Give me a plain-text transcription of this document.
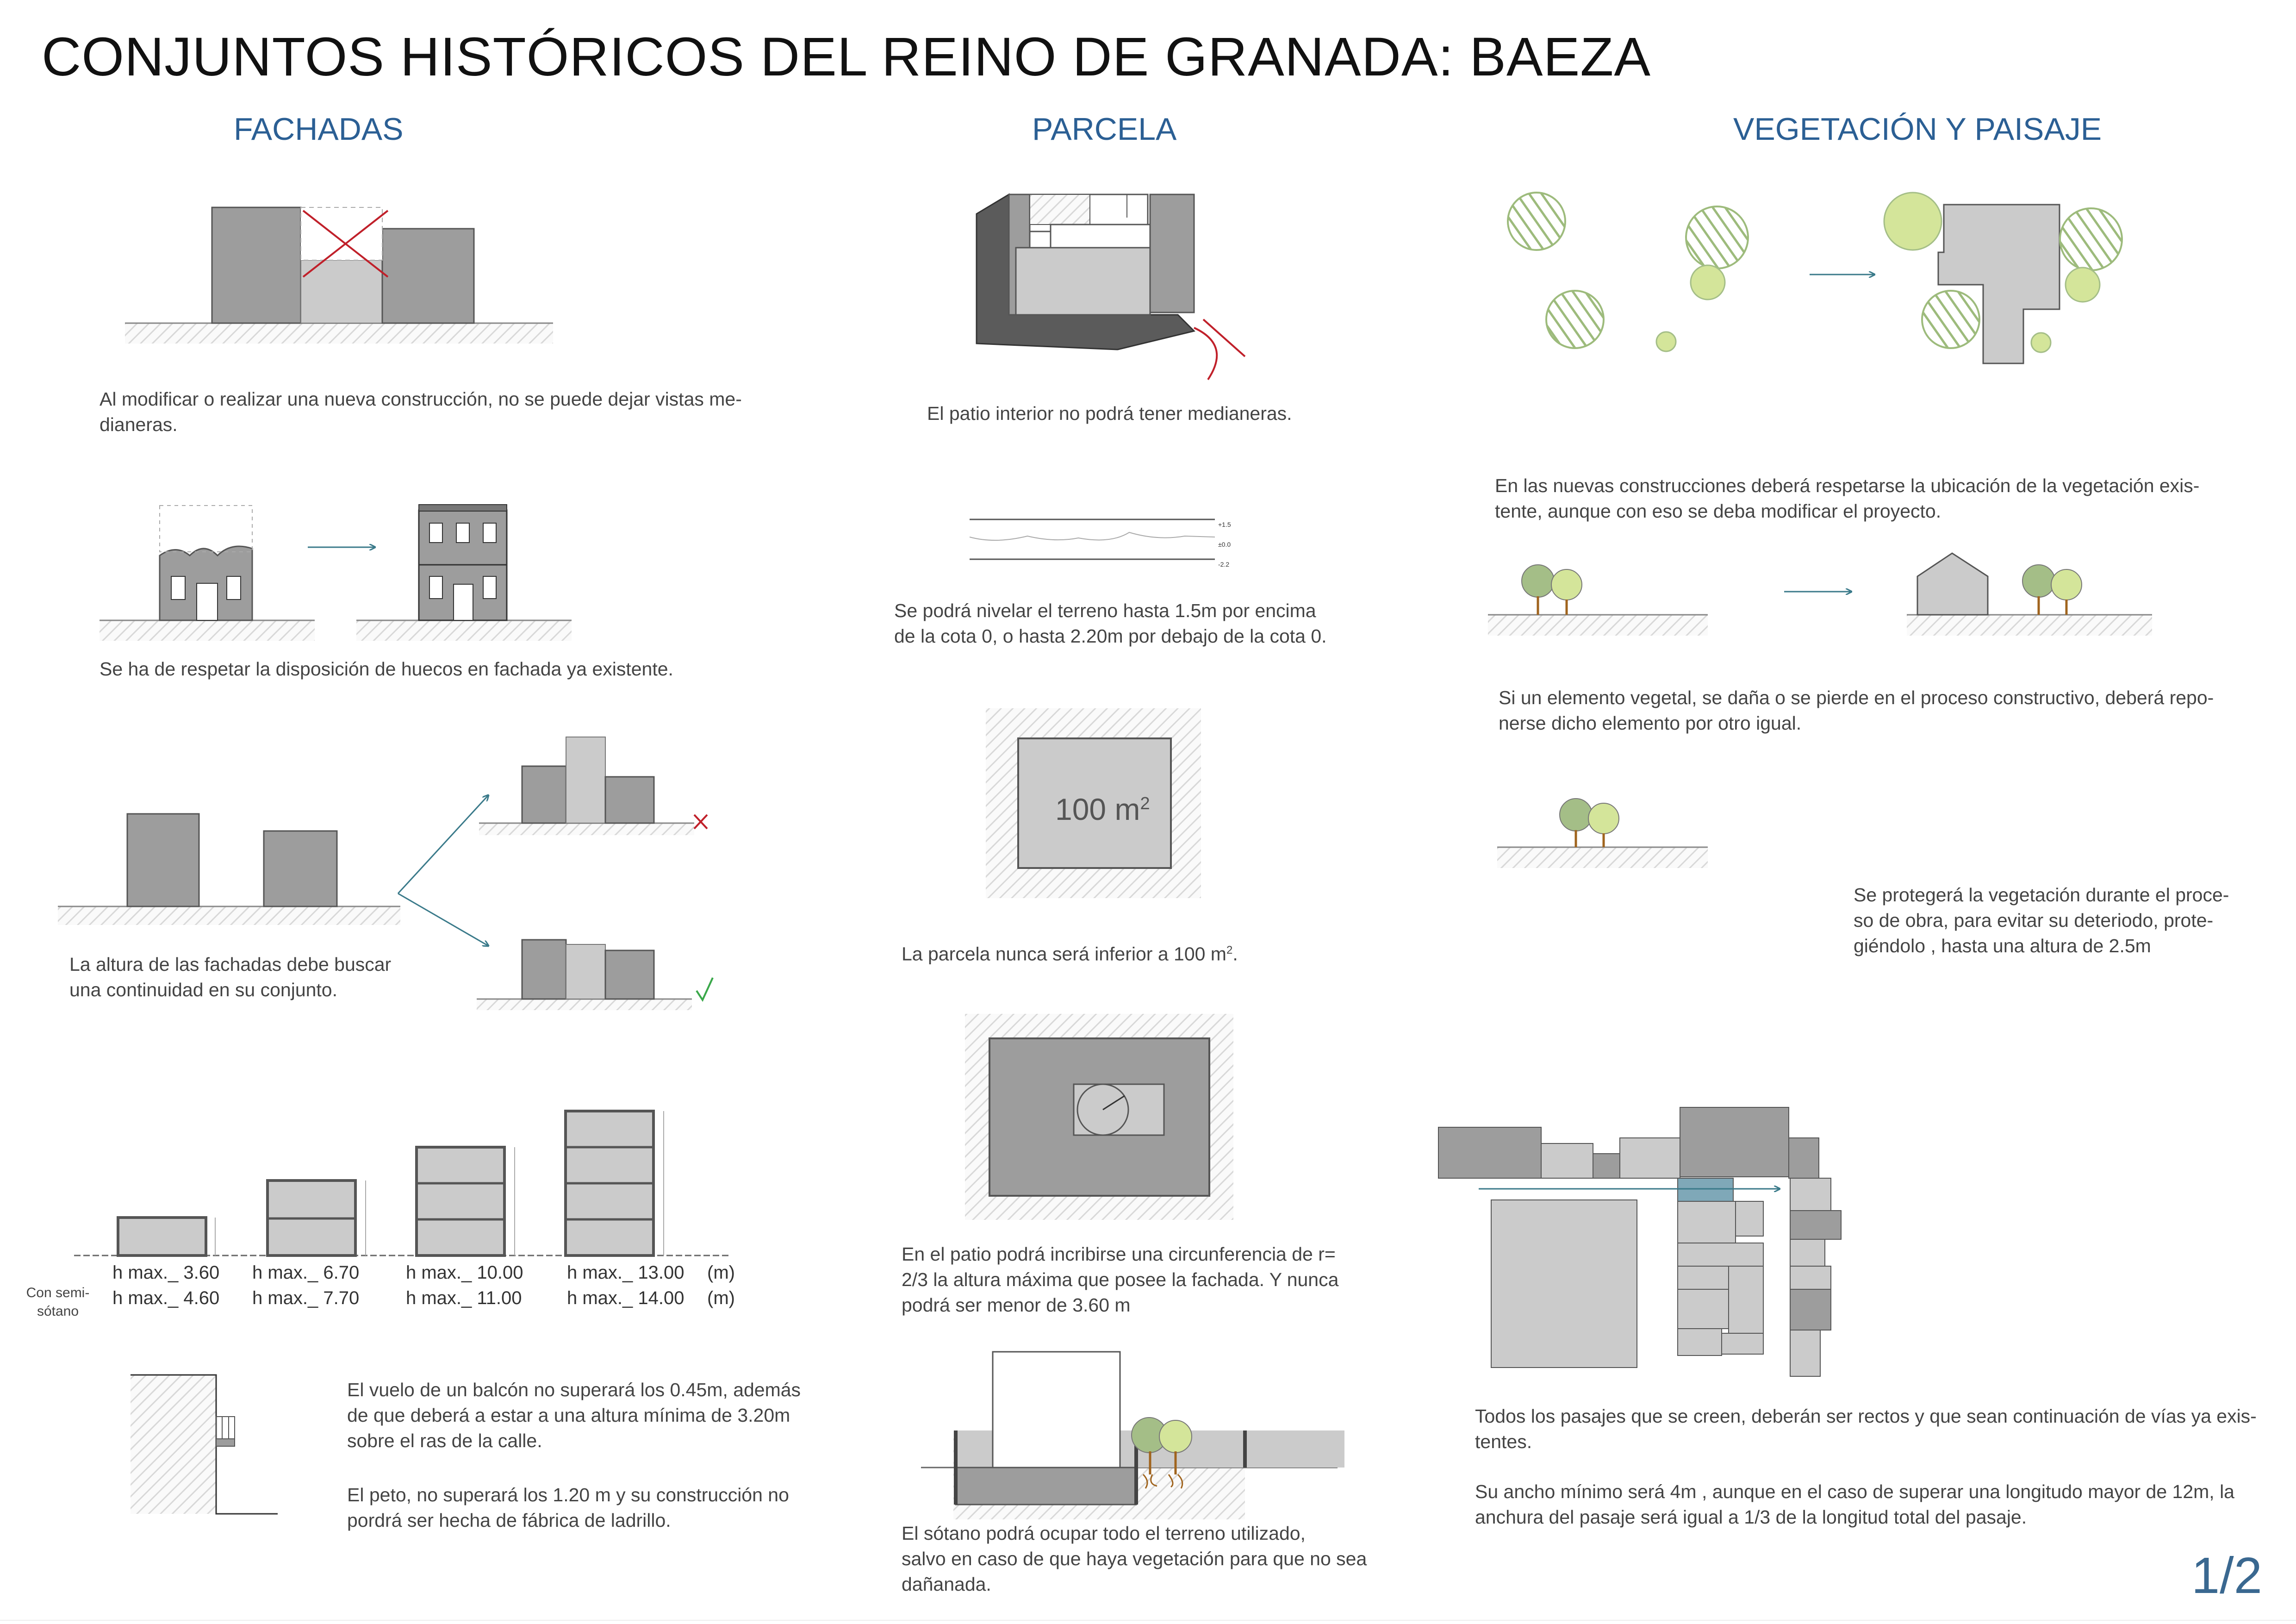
CONJUNTOS HISTÓRICOS DEL REINO DE GRANADA: BAEZA
FACHADAS	PARCELA	VEGETACIÓN Y PAISAJE

Al modificar o realizar una nueva construcción, no se puede dejar vistas me-

dianeras.

Se ha de respetar la disposición de huecos en fachada ya existente.

La altura de las fachadas debe buscar

una continuidad en su conjunto.

h max._ 3.60 h max._ 6.70	h max._ 10.00 h max._ 13.00 (m)
h max._ 4.60 h max._ 7.70	h max._ 11.00 h max._ 14.00 (m)
Con semi-
sótano

El vuelo de un balcón no superará los 0.45m, además

de que deberá a estar a una altura mínima de 3.20m

sobre el ras de la calle.

El peto, no superará los 1.20 m y su construcción no

pordrá ser hecha de fábrica de ladrillo.

El patio interior no podrá tener medianeras.

+1.5
±0.0
-2.2

Se podrá nivelar el terreno hasta 1.5m por encima

de la cota 0, o hasta 2.20m por debajo de la cota 0.

100 $m^2$

La parcela nunca será inferior a 100 $m^2$.

En el patio podrá incribirse una circunferencia de r=

2/3 la altura máxima que posee la fachada. Y nunca

podrá ser menor de 3.60 m

El sótano podrá ocupar todo el terreno utilizado,

salvo en caso de que haya vegetación para que no sea

dañanada.

En las nuevas construcciones deberá respetarse la ubicación de la vegetación exis-

tente, aunque con eso se deba modificar el proyecto.

Si un elemento vegetal, se daña o se pierde en el proceso constructivo, deberá repo-

nerse dicho elemento por otro igual.

Se protegerá la vegetación durante el proce-

so de obra, para evitar su deteriodo, prote-

giéndolo , hasta una altura de 2.5m

Todos los pasajes que se creen, deberán ser rectos y que sean continuación de vías ya exis-

tentes.

Su ancho mínimo será 4m , aunque en el caso de superar una longitudo mayor de 12m, la

anchura del pasaje será igual a 1/3 de la longitud total del pasaje.

1/2
